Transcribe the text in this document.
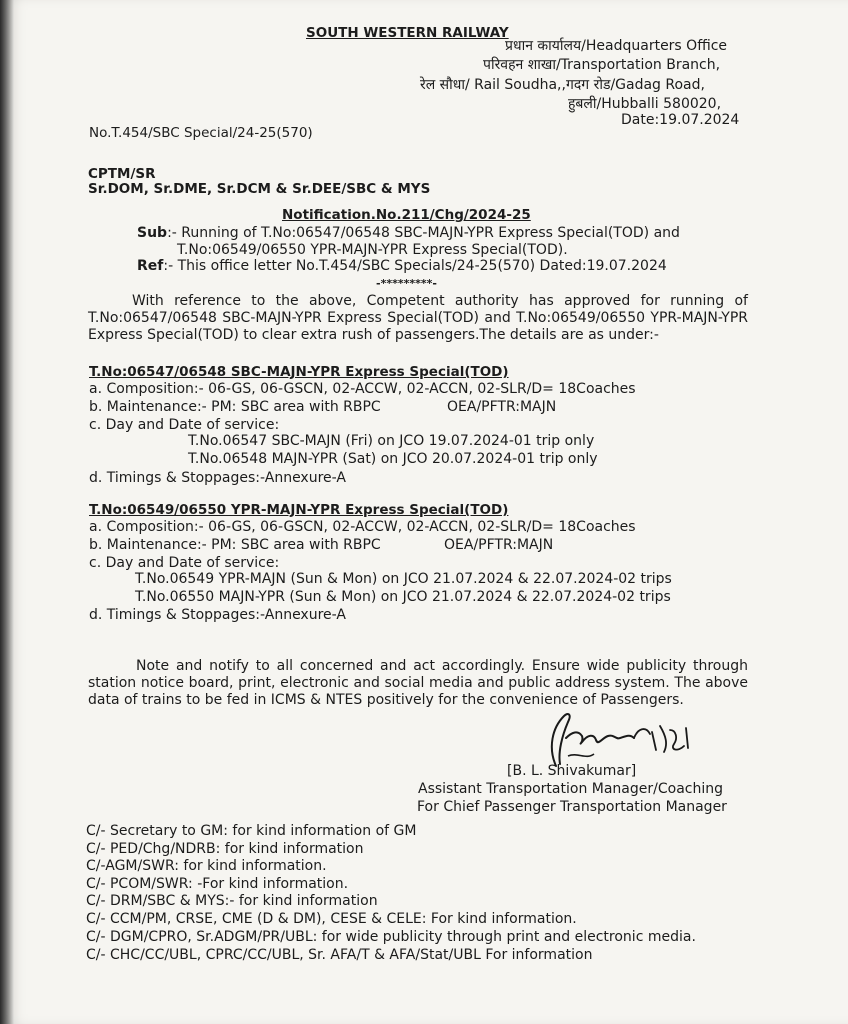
SOUTH WESTERN RAILWAY
प्रधान कार्यालय/Headquarters Office
परिवहन शाखा/Transportation Branch,
रेल सौधा/ Rail Soudha,,गदग रोड/Gadag Road,
हुबली/Hubballi 580020,
Date:19.07.2024
No.T.454/SBC Special/24-25(570)
CPTM/SR
Sr.DOM, Sr.DME, Sr.DCM & Sr.DEE/SBC & MYS
Notification.No.211/Chg/2024-25
Sub:- Running of T.No:06547/06548 SBC-MAJN-YPR Express Special(TOD) and
T.No:06549/06550 YPR-MAJN-YPR Express Special(TOD).
Ref:- This office letter No.T.454/SBC Specials/24-25(570) Dated:19.07.2024
-*********-
With reference to the above, Competent authority has approved for running of T.No:06547/06548 SBC-MAJN-YPR Express Special(TOD) and T.No:06549/06550 YPR-MAJN-YPR Express Special(TOD) to clear extra rush of passengers.The details are as under:-
T.No:06547/06548 SBC-MAJN-YPR Express Special(TOD)
a. Composition:- 06-GS, 06-GSCN, 02-ACCW, 02-ACCN, 02-SLR/D= 18Coaches
b. Maintenance:- PM: SBC area with RBPC	OEA/PFTR:MAJN
c. Day and Date of service:
T.No.06547 SBC-MAJN (Fri) on JCO 19.07.2024-01 trip only
T.No.06548 MAJN-YPR (Sat) on JCO 20.07.2024-01 trip only
d. Timings & Stoppages:-Annexure-A
T.No:06549/06550 YPR-MAJN-YPR Express Special(TOD)
a. Composition:- 06-GS, 06-GSCN, 02-ACCW, 02-ACCN, 02-SLR/D= 18Coaches
b. Maintenance:- PM: SBC area with RBPC	OEA/PFTR:MAJN
c. Day and Date of service:
T.No.06549 YPR-MAJN (Sun & Mon) on JCO 21.07.2024 & 22.07.2024-02 trips
T.No.06550 MAJN-YPR (Sun & Mon) on JCO 21.07.2024 & 22.07.2024-02 trips
d. Timings & Stoppages:-Annexure-A
Note and notify to all concerned and act accordingly. Ensure wide publicity through station notice board, print, electronic and social media and public address system. The above data of trains to be fed in ICMS & NTES positively for the convenience of Passengers.
[B. L. Shivakumar]
Assistant Transportation Manager/Coaching
For Chief Passenger Transportation Manager
C/- Secretary to GM: for kind information of GM
C/- PED/Chg/NDRB: for kind information
C/-AGM/SWR: for kind information.
C/- PCOM/SWR: -For kind information.
C/- DRM/SBC & MYS:- for kind information
C/- CCM/PM, CRSE, CME (D & DM), CESE & CELE: For kind information.
C/- DGM/CPRO, Sr.ADGM/PR/UBL: for wide publicity through print and electronic media.
C/- CHC/CC/UBL, CPRC/CC/UBL, Sr. AFA/T & AFA/Stat/UBL For information
